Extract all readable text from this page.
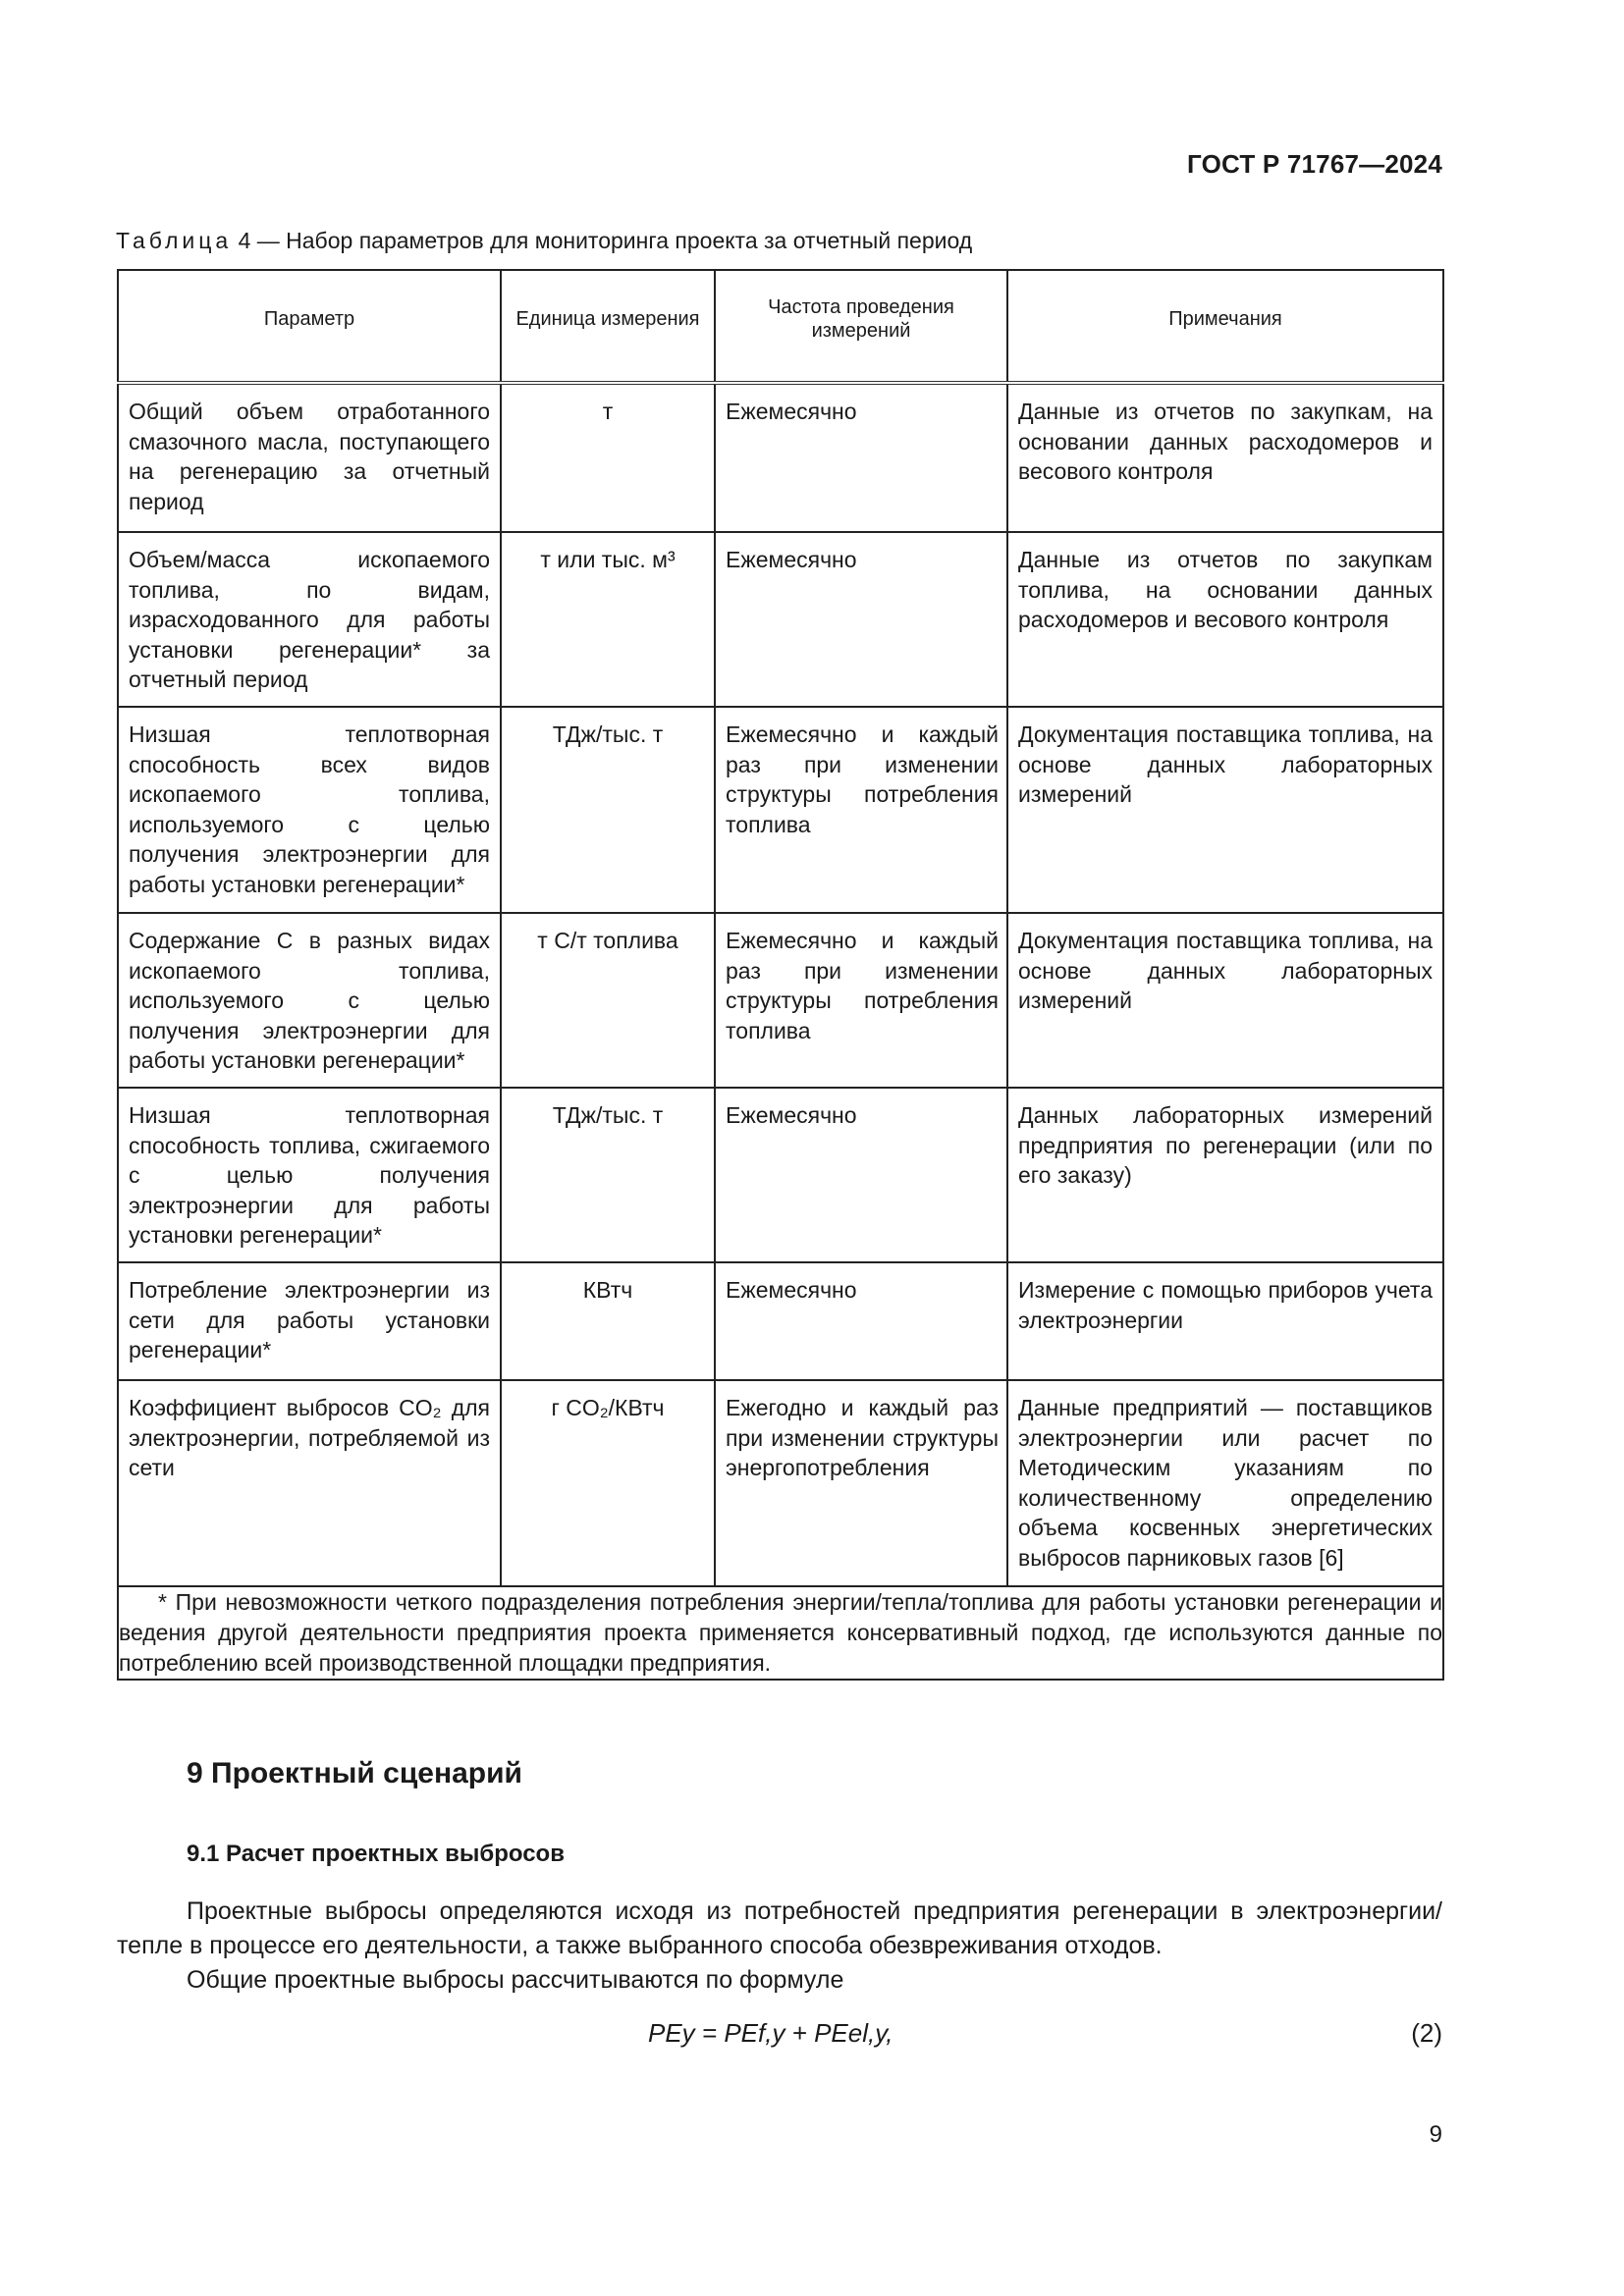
ГОСТ Р 71767—2024
Таблица 4 — Набор параметров для мониторинга проекта за отчетный период
Параметр	Единица измерения	Частота проведения измерений	Примечания

Общий объем отработанного смазочного масла, поступающего на регенерацию за отчетный период	т	Ежемесячно	Данные из отчетов по закупкам, на основании данных расходомеров и весового контроля

Объем/масса ископаемого топлива, по видам, израсходованного для работы установки регенерации* за отчетный период	т или тыс. м³	Ежемесячно	Данные из отчетов по закупкам топлива, на основании данных расходомеров и весового контроля

Низшая теплотворная способность всех видов ископаемого топлива, используемого с целью получения электроэнергии для работы установки регенерации*	ТДж/тыс. т	Ежемесячно и каждый раз при изменении структуры потребления топлива	Документация поставщика топлива, на основе данных лабораторных измерений

Содержание C в разных видах ископаемого топлива, используемого с целью получения электроэнергии для работы установки регенерации*	т С/т топлива	Ежемесячно и каждый раз при изменении структуры потребления топлива	Документация поставщика топлива, на основе данных лабораторных измерений

Низшая теплотворная способность топлива, сжигаемого с целью получения электроэнергии для работы установки регенерации*	ТДж/тыс. т	Ежемесячно	Данных лабораторных измерений предприятия по регенерации (или по его заказу)

Потребление электроэнергии из сети для работы установки регенерации*	КВтч	Ежемесячно	Измерение с помощью приборов учета электроэнергии

Коэффициент выбросов CO₂ для электроэнергии, потребляемой из сети	г CO₂/КВтч	Ежегодно и каждый раз при изменении структуры энергопотребления	Данные предприятий — поставщиков электроэнергии или расчет по Методическим указаниям по количественному определению объема косвенных энергетических выбросов парниковых газов [6]

* При невозможности четкого подразделения потребления энергии/тепла/топлива для работы установки регенерации и ведения другой деятельности предприятия проекта применяется консервативный подход, где используются данные по потреблению всей производственной площадки предприятия.			
9 Проектный сценарий
9.1 Расчет проектных выбросов
Проектные выбросы определяются исходя из потребностей предприятия регенерации в электроэнергии/тепле в процессе его деятельности, а также выбранного способа обезвреживания отходов.
Общие проектные выбросы рассчитываются по формуле
PEy = PEf,y + PEel,y,	(2)
9
